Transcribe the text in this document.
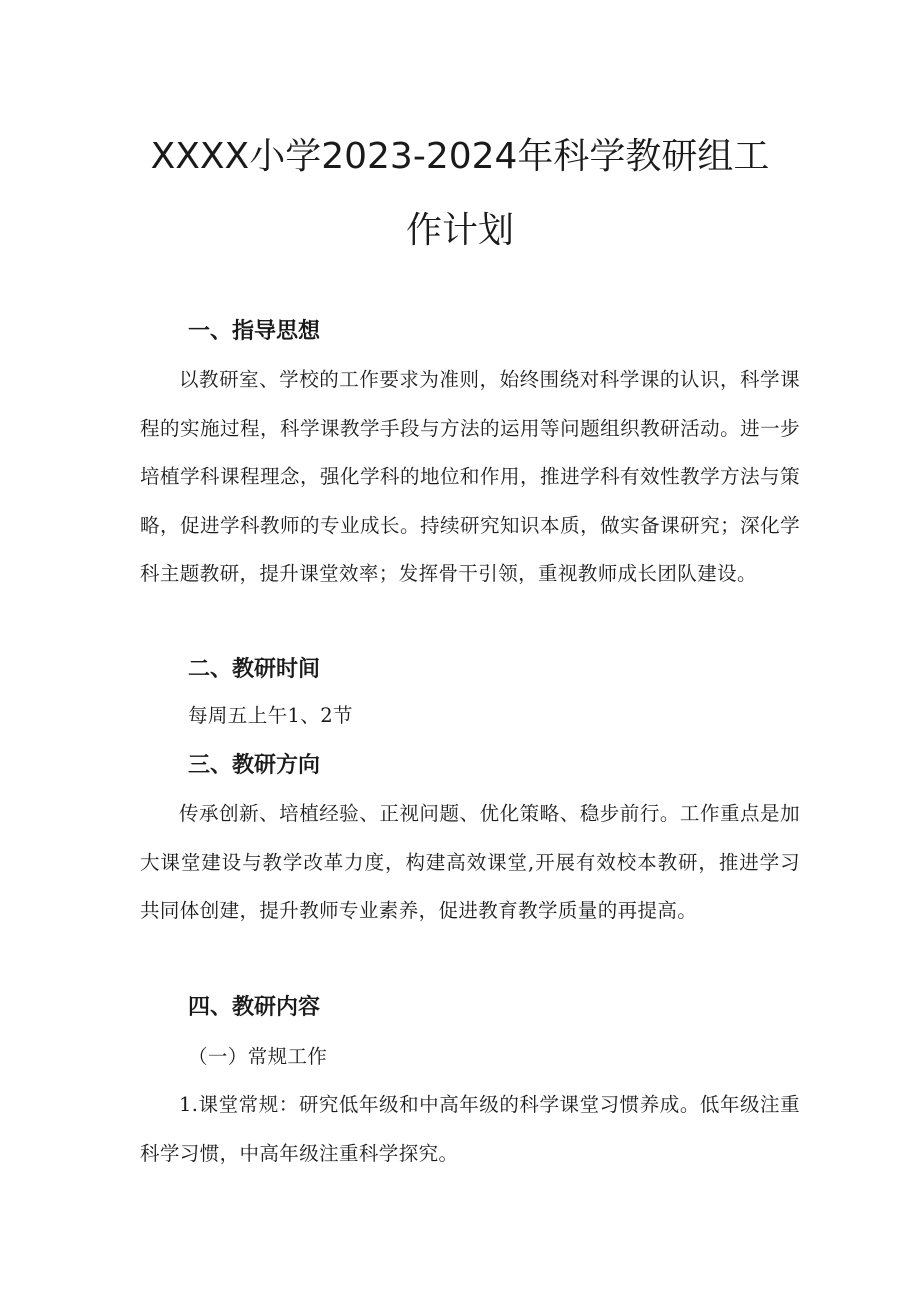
XXXX小学2023-2024年科学教研组工
作计划
一、指导思想

以教研室、学校的工作要求为准则，始终围绕对科学课的认识，科学课程的实施过程，科学课教学手段与方法的运用等问题组织教研活动。进一步培植学科课程理念，强化学科的地位和作用，推进学科有效性教学方法与策略，促进学科教师的专业成长。持续研究知识本质，做实备课研究；深化学科主题教研，提升课堂效率；发挥骨干引领，重视教师成长团队建设。

二、教研时间

每周五上午1、2节

三、教研方向

传承创新、培植经验、正视问题、优化策略、稳步前行。工作重点是加大课堂建设与教学改革力度，构建高效课堂,开展有效校本教研，推进学习共同体创建，提升教师专业素养，促进教育教学质量的再提高。

四、教研内容

（一）常规工作

1.课堂常规：研究低年级和中高年级的科学课堂习惯养成。低年级注重科学习惯，中高年级注重科学探究。
